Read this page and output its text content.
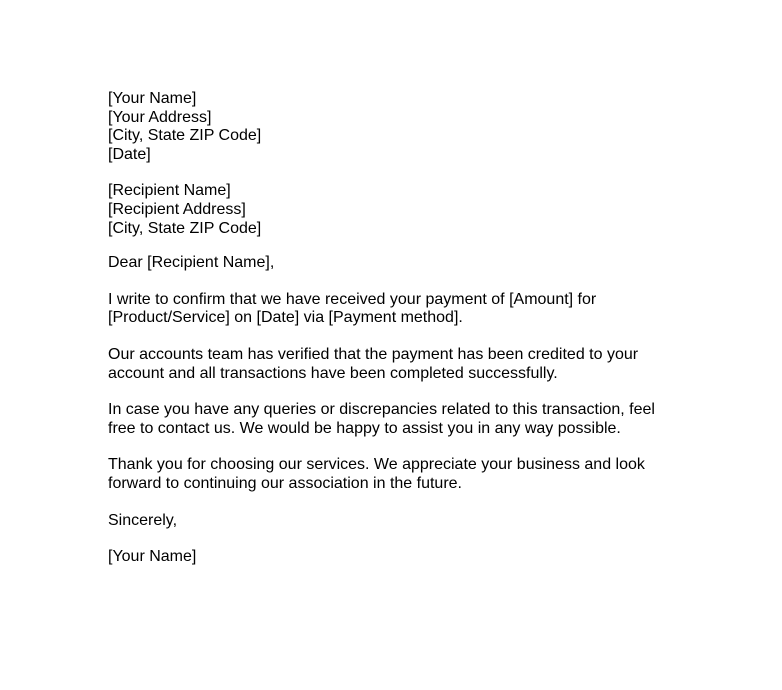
[Your Name]
[Your Address]
[City, State ZIP Code]
[Date]
[Recipient Name]
[Recipient Address]
[City, State ZIP Code]
Dear [Recipient Name],
I write to confirm that we have received your payment of [Amount] for
[Product/Service] on [Date] via [Payment method].
Our accounts team has verified that the payment has been credited to your
account and all transactions have been completed successfully.
In case you have any queries or discrepancies related to this transaction, feel
free to contact us. We would be happy to assist you in any way possible.
Thank you for choosing our services. We appreciate your business and look
forward to continuing our association in the future.
Sincerely,
[Your Name]
